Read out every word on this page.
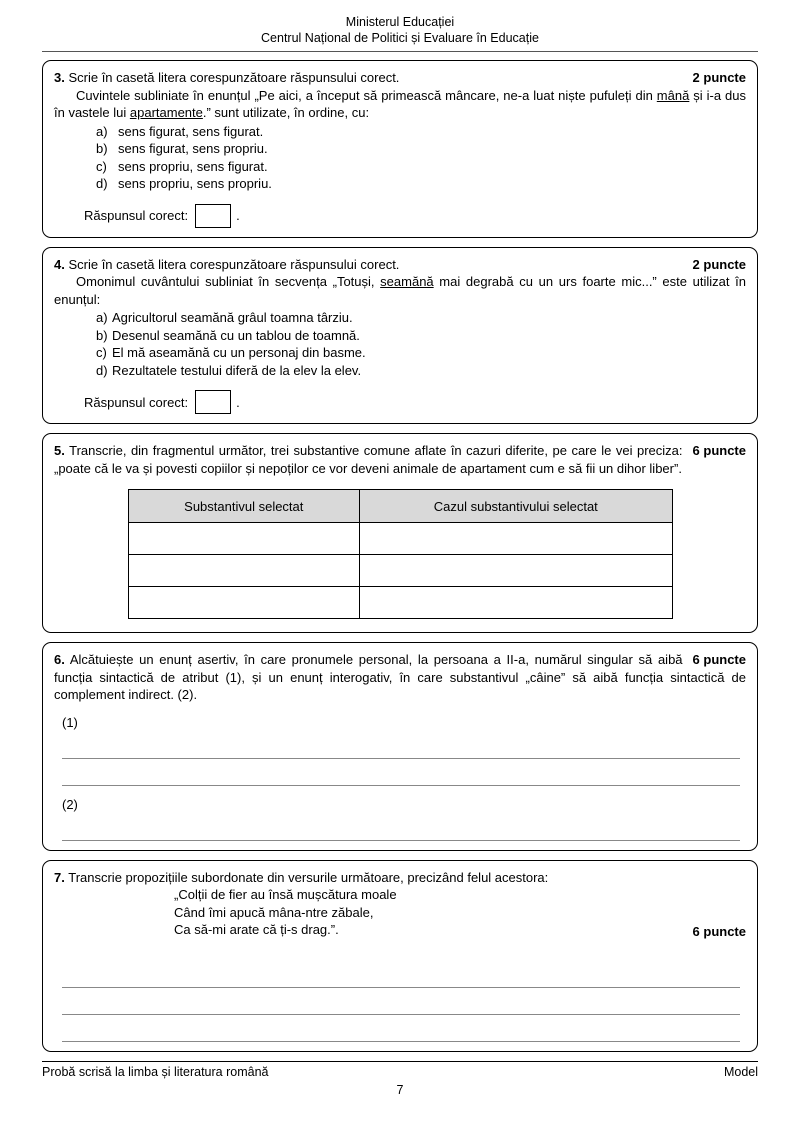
Ministerul Educației
Centrul Național de Politici și Evaluare în Educație

2 puncte
3. Scrie în casetă litera corespunzătoare răspunsului corect.

Cuvintele subliniate în enunțul „Pe aici, a început să primească mâncare, ne-a luat niște pufuleți din mână și i-a dus în vastele lui apartamente.” sunt utilizate, în ordine, cu:

a) sens figurat, sens figurat.
b) sens figurat, sens propriu.
c) sens propriu, sens figurat.
d) sens propriu, sens propriu.
Răspunsul corect:	.

2 puncte
4. Scrie în casetă litera corespunzătoare răspunsului corect.

Omonimul cuvântului subliniat în secvența „Totuși, seamănă mai degrabă cu un urs foarte mic...” este utilizat în enunțul:

a) Agricultorul seamănă grâul toamna târziu.
b) Desenul seamănă cu un tablou de toamnă.
c) El mă aseamănă cu un personaj din basme.
d) Rezultatele testului diferă de la elev la elev.
Răspunsul corect:	.

6 puncte
5. Transcrie, din fragmentul următor, trei substantive comune aflate în cazuri diferite, pe care le vei preciza: „poate că le va și povesti copiilor și nepoților ce vor deveni animale de apartament cum e să fii un dihor liber”.

Substantivul selectat	Cazul substantivului selectat

6 puncte
6. Alcătuiește un enunț asertiv, în care pronumele personal, la persoana a II-a, numărul singular să aibă funcția sintactică de atribut (1), și un enunț interogativ, în care substantivul „câine” să aibă funcția sintactică de complement indirect. (2).

(1)
(2)

7. Transcrie propozițiile subordonate din versurile următoare, precizând felul acestora:

„Colții de fier au însă mușcătura moale
Când îmi apucă mâna-ntre zăbale,
Ca să-mi arate că ți-s drag.”.	6 puncte
Probă scrisă la limba și literatura română	Model
7
